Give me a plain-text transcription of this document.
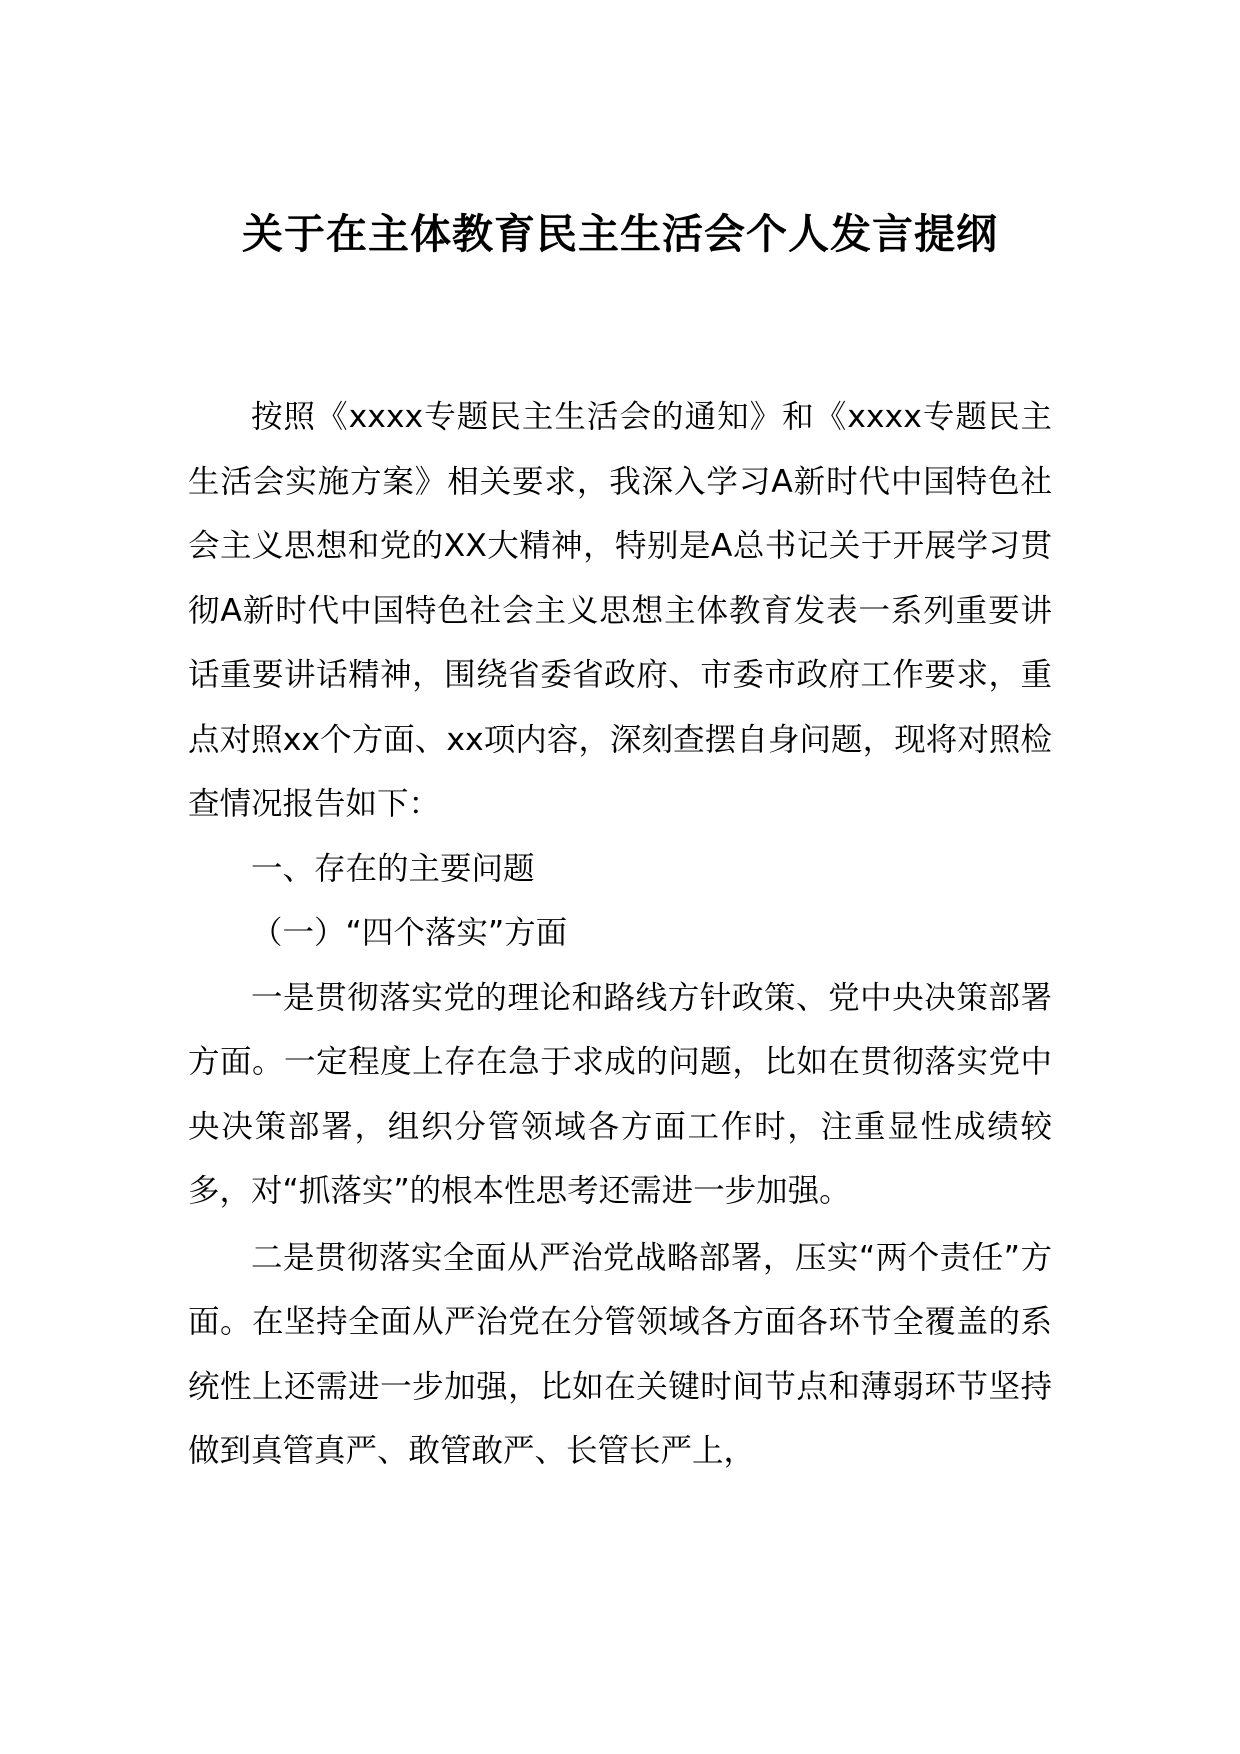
关于在主体教育民主生活会个人发言提纲

按照《xxxx专题民主生活会的通知》和《xxxx专题民主生活会实施方案》相关要求，我深入学习A新时代中国特色社会主义思想和党的XX大精神，特别是A总书记关于开展学习贯彻A新时代中国特色社会主义思想主体教育发表一系列重要讲话重要讲话精神，围绕省委省政府、市委市政府工作要求，重点对照xx个方面、xx项内容，深刻查摆自身问题，现将对照检查情况报告如下：

一、存在的主要问题

（一）“四个落实”方面

一是贯彻落实党的理论和路线方针政策、党中央决策部署方面。一定程度上存在急于求成的问题，比如在贯彻落实党中央决策部署，组织分管领域各方面工作时，注重显性成绩较多，对“抓落实”的根本性思考还需进一步加强。

二是贯彻落实全面从严治党战略部署，压实“两个责任”方面。在坚持全面从严治党在分管领域各方面各环节全覆盖的系统性上还需进一步加强，比如在关键时间节点和薄弱环节坚持做到真管真严、敢管敢严、长管长严上，
